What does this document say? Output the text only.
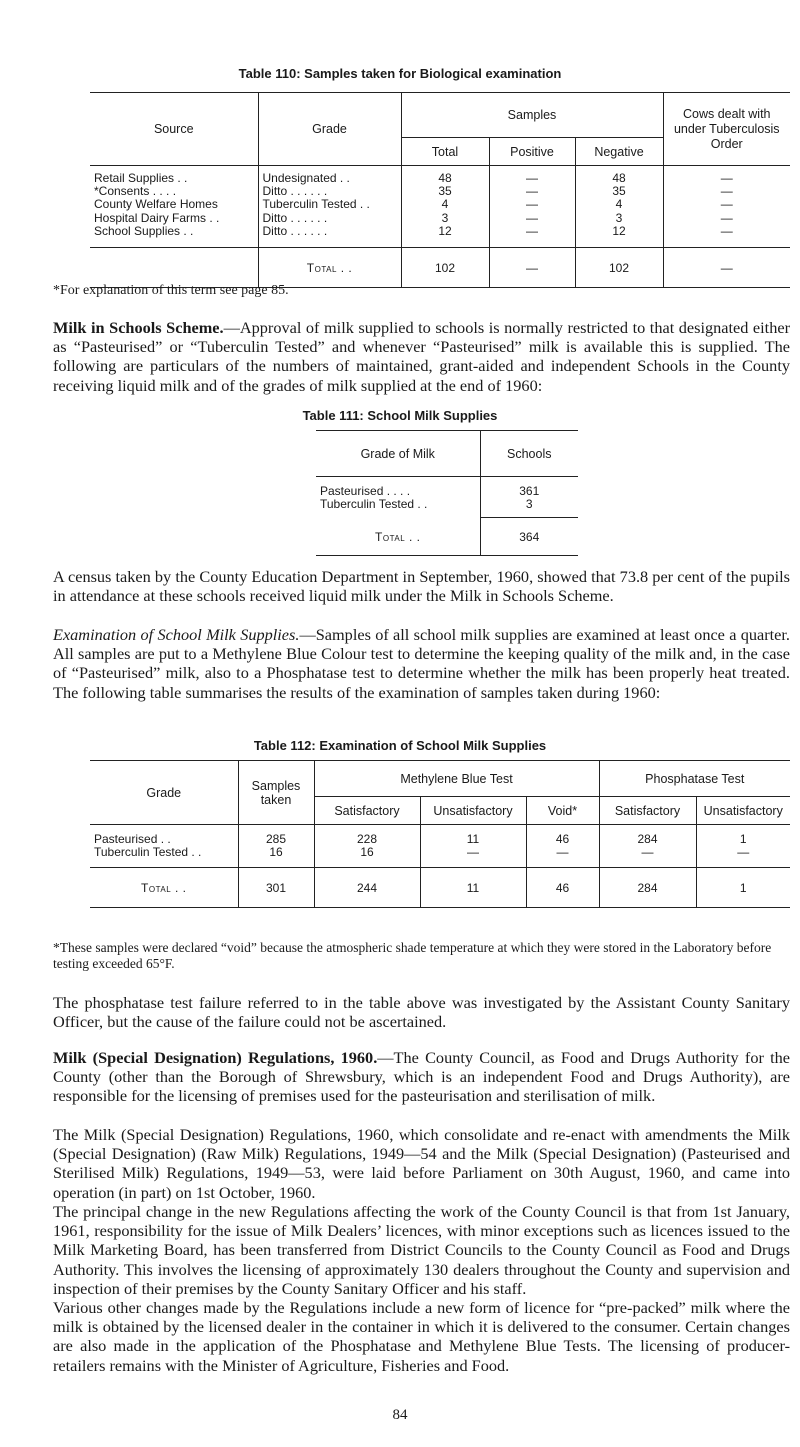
Table 110: Samples taken for Biological examination
Source	Grade	Samples			Cows dealt with under Tuberculosis Order
		Total	Positive	Negative	
Retail Supplies . .	Undesignated . .	48	—	48	—
*Consents . . . .	Ditto . . . . . .	35	—	35	—
County Welfare Homes	Tuberculin Tested . .	4	—	4	—
Hospital Dairy Farms . .	Ditto . . . . . .	3	—	3	—
School Supplies . .	Ditto . . . . . .	12	—	12	—
	Total . .	102	—	102	—

*For explanation of this term see page 85.

Milk in Schools Scheme.—Approval of milk supplied to schools is normally restricted to that designated either as “Pasteurised” or “Tuberculin Tested” and whenever “Pasteurised” milk is available this is supplied. The following are particulars of the numbers of maintained, grant-aided and independent Schools in the County receiving liquid milk and of the grades of milk supplied at the end of 1960:

Table 111: School Milk Supplies
Grade of Milk	Schools
Pasteurised . . . .	361
Tuberculin Tested . .	3
Total . .	364

A census taken by the County Education Department in September, 1960, showed that 73.8 per cent of the pupils in attendance at these schools received liquid milk under the Milk in Schools Scheme.

Examination of School Milk Supplies.—Samples of all school milk supplies are examined at least once a quarter. All samples are put to a Methylene Blue Colour test to determine the keeping quality of the milk and, in the case of “Pasteurised” milk, also to a Phosphatase test to determine whether the milk has been properly heat treated. The following table summarises the results of the examination of samples taken during 1960:

Table 112: Examination of School Milk Supplies
Grade	Samples taken	Methylene Blue Test			Phosphatase Test	
		Satisfactory	Unsatisfactory	Void*	Satisfactory	Unsatisfactory
Pasteurised . .	285	228	11	46	284	1
Tuberculin Tested . .	16	16	—	—	—	—
Total . .	301	244	11	46	284	1

*These samples were declared “void” because the atmospheric shade temperature at which they were stored in the Laboratory before testing exceeded 65°F.

The phosphatase test failure referred to in the table above was investigated by the Assistant County Sanitary Officer, but the cause of the failure could not be ascertained.

Milk (Special Designation) Regulations, 1960.—The County Council, as Food and Drugs Authority for the County (other than the Borough of Shrewsbury, which is an independent Food and Drugs Authority), are responsible for the licensing of premises used for the pasteurisation and sterilisation of milk.

The Milk (Special Designation) Regulations, 1960, which consolidate and re-enact with amendments the Milk (Special Designation) (Raw Milk) Regulations, 1949—54 and the Milk (Special Designation) (Pasteurised and Sterilised Milk) Regulations, 1949—53, were laid before Parliament on 30th August, 1960, and came into operation (in part) on 1st October, 1960.

The principal change in the new Regulations affecting the work of the County Council is that from 1st January, 1961, responsibility for the issue of Milk Dealers’ licences, with minor exceptions such as licences issued to the Milk Marketing Board, has been transferred from District Councils to the County Council as Food and Drugs Authority. This involves the licensing of approximately 130 dealers throughout the County and supervision and inspection of their premises by the County Sanitary Officer and his staff.

Various other changes made by the Regulations include a new form of licence for “pre-packed” milk where the milk is obtained by the licensed dealer in the container in which it is delivered to the consumer. Certain changes are also made in the application of the Phosphatase and Methylene Blue Tests. The licensing of producer-retailers remains with the Minister of Agriculture, Fisheries and Food.

84
